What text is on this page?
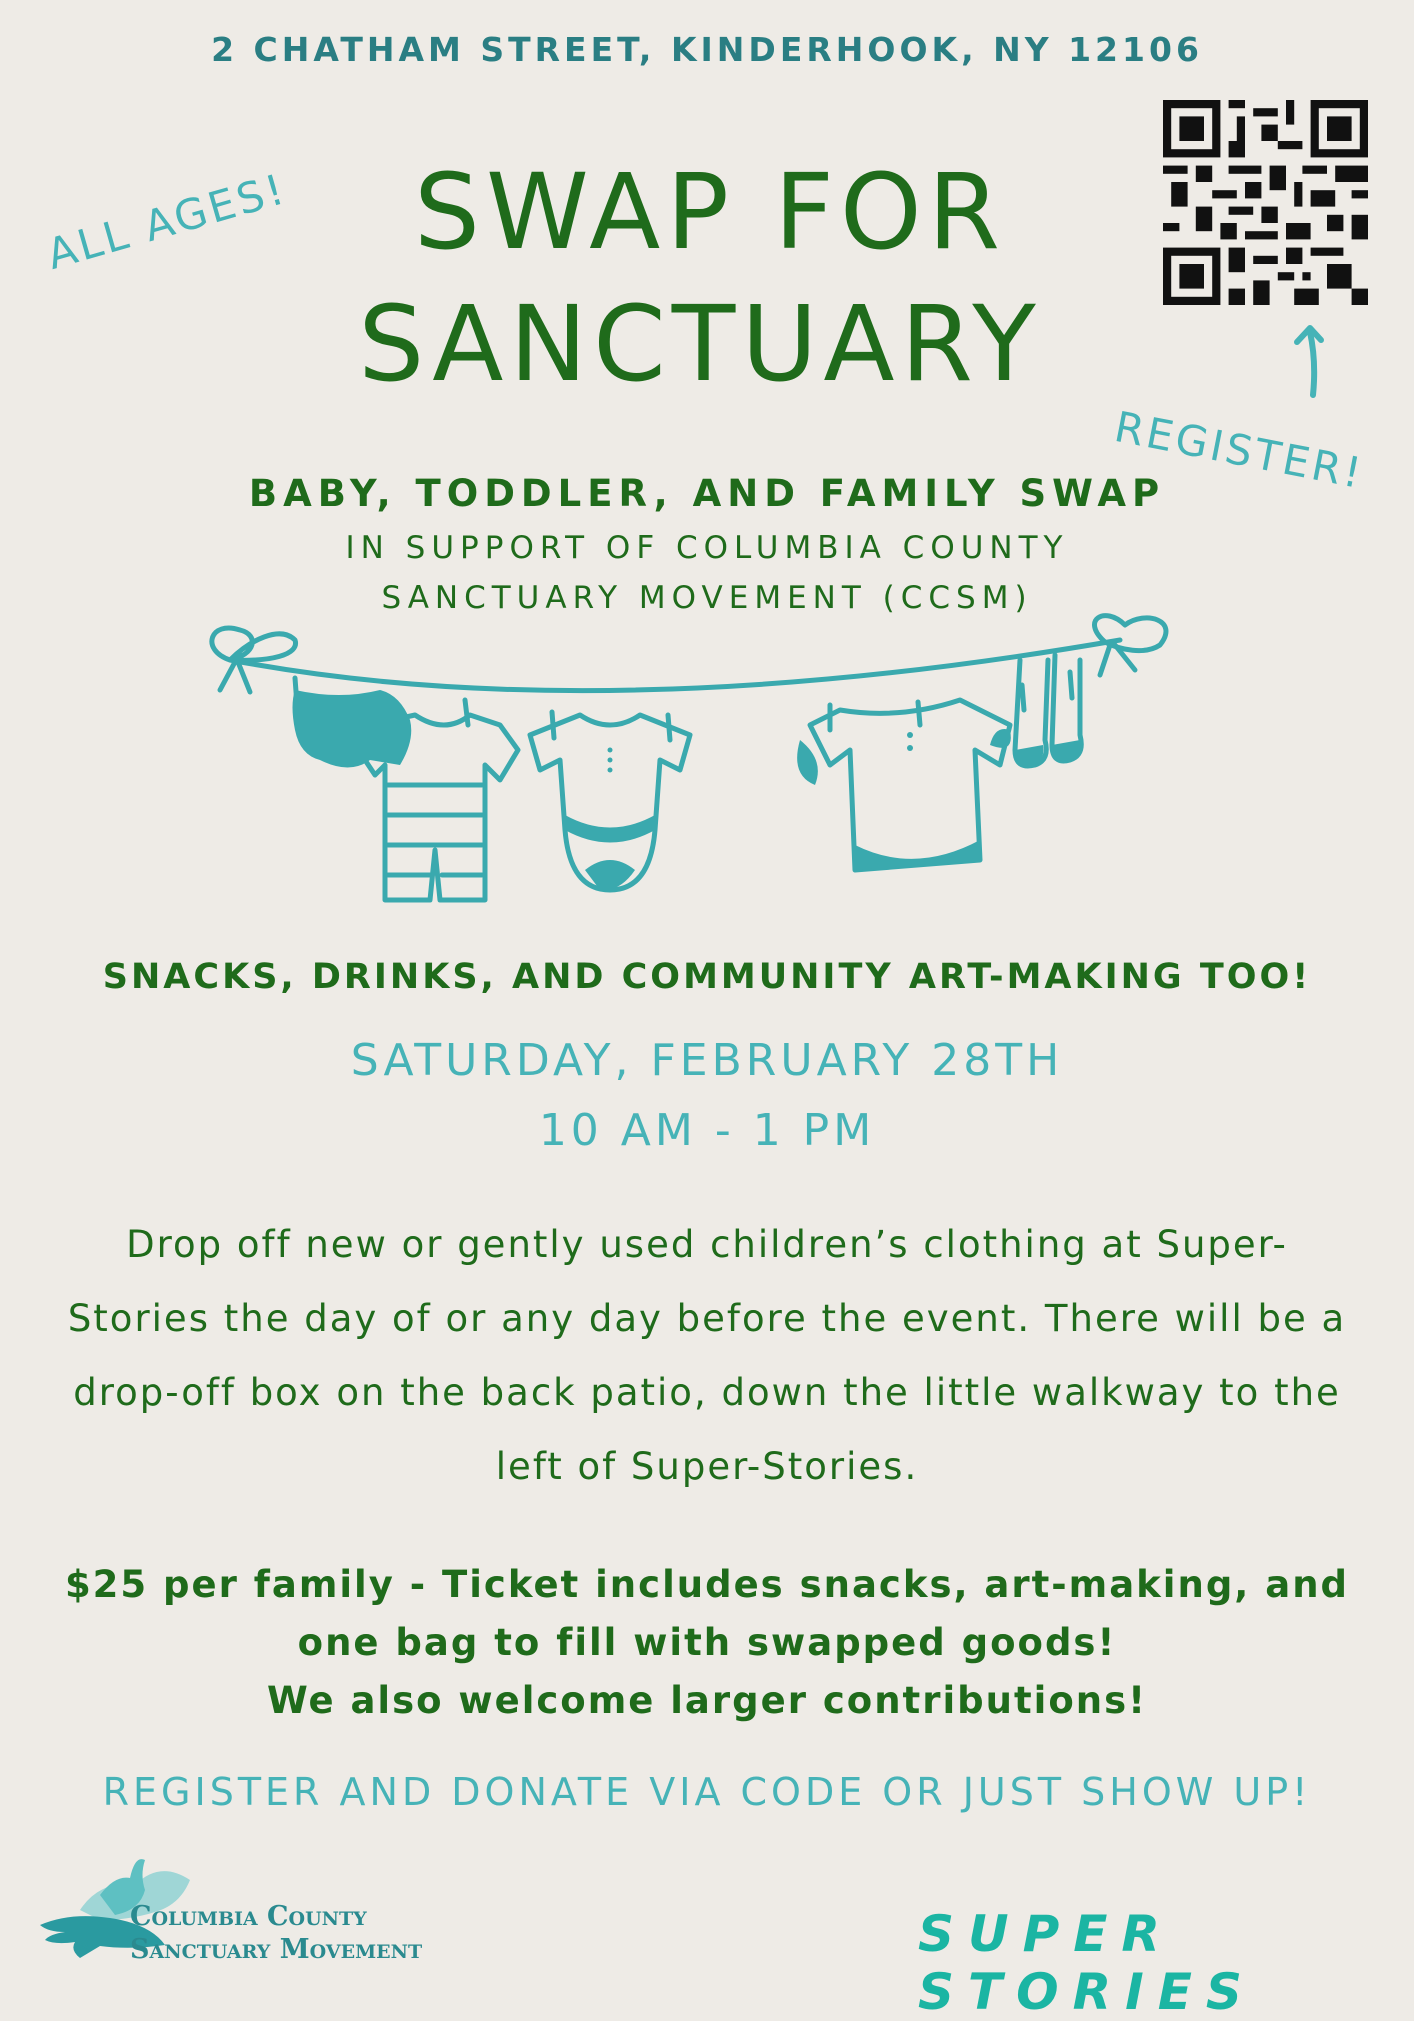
2 CHATHAM STREET, KINDERHOOK, NY 12106
ALL AGES!	SWAP FOR
SANCTUARY
REGISTER!
BABY, TODDLER, AND FAMILY SWAP
IN SUPPORT OF COLUMBIA COUNTY
SANCTUARY MOVEMENT (CCSM)
SNACKS, DRINKS, AND COMMUNITY ART-MAKING TOO!
SATURDAY, FEBRUARY 28TH
10 AM - 1 PM
Drop off new or gently used children’s clothing at Super-Stories the day of or any day before the event. There will be a drop-off box on the back patio, down the little walkway to the left of Super-Stories.
$25 per family - Ticket includes snacks, art-making, and
one bag to fill with swapped goods!
We also welcome larger contributions!
REGISTER AND DONATE VIA CODE OR JUST SHOW UP!
Columbia County
Sanctuary Movement	SUPER STORIES
